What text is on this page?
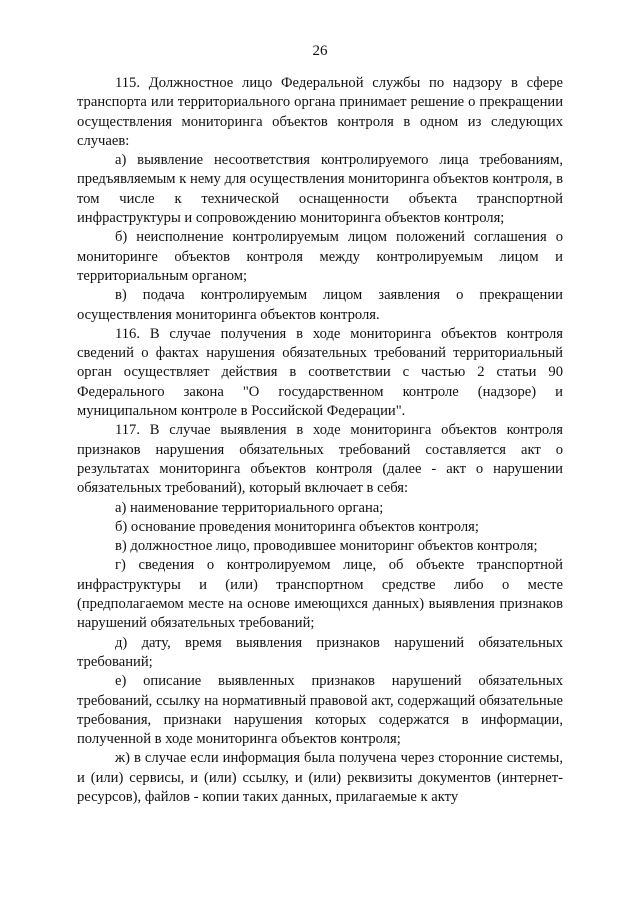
26

115. Должностное лицо Федеральной службы по надзору в сфере транспорта или территориального органа принимает решение о прекращении осуществления мониторинга объектов контроля в одном из следующих случаев:

а) выявление несоответствия контролируемого лица требованиям, предъявляемым к нему для осуществления мониторинга объектов контроля, в том числе к технической оснащенности объекта транспортной инфраструктуры и сопровождению мониторинга объектов контроля;

б) неисполнение контролируемым лицом положений соглашения о мониторинге объектов контроля между контролируемым лицом и территориальным органом;

в) подача контролируемым лицом заявления о прекращении осуществления мониторинга объектов контроля.

116. В случае получения в ходе мониторинга объектов контроля сведений о фактах нарушения обязательных требований территориальный орган осуществляет действия в соответствии с частью 2 статьи 90 Федерального закона "О государственном контроле (надзоре) и муниципальном контроле в Российской Федерации".

117. В случае выявления в ходе мониторинга объектов контроля признаков нарушения обязательных требований составляется акт о результатах мониторинга объектов контроля (далее - акт о нарушении обязательных требований), который включает в себя:

а) наименование территориального органа;

б) основание проведения мониторинга объектов контроля;

в) должностное лицо, проводившее мониторинг объектов контроля;

г) сведения о контролируемом лице, об объекте транспортной инфраструктуры и (или) транспортном средстве либо о месте (предполагаемом месте на основе имеющихся данных) выявления признаков нарушений обязательных требований;

д) дату, время выявления признаков нарушений обязательных требований;

е) описание выявленных признаков нарушений обязательных требований, ссылку на нормативный правовой акт, содержащий обязательные требования, признаки нарушения которых содержатся в информации, полученной в ходе мониторинга объектов контроля;

ж) в случае если информация была получена через сторонние системы, и (или) сервисы, и (или) ссылку, и (или) реквизиты документов (интернет-ресурсов), файлов - копии таких данных, прилагаемые к акту
